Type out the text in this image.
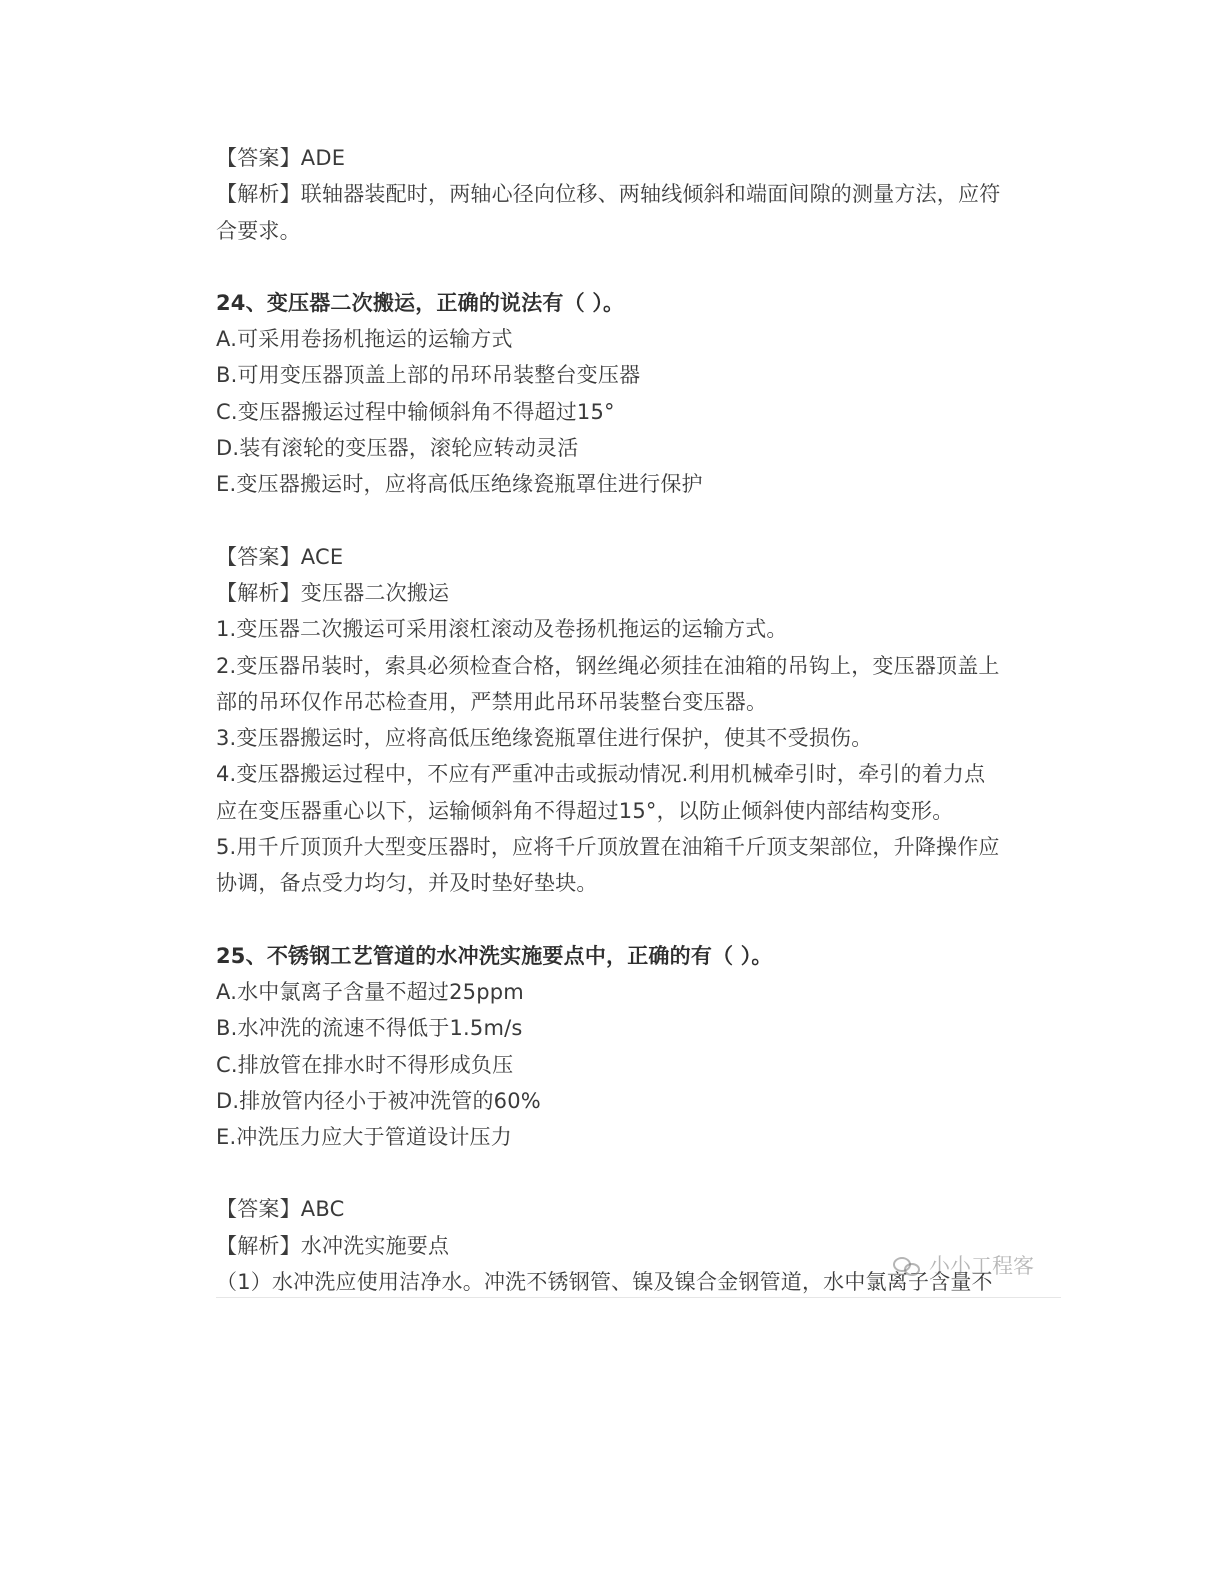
【答案】ADE
【解析】联轴器装配时，两轴心径向位移、两轴线倾斜和端面间隙的测量方法，应符
合要求。
24、变压器二次搬运，正确的说法有（ ）。
A.可采用卷扬机拖运的运输方式
B.可用变压器顶盖上部的吊环吊装整台变压器
C.变压器搬运过程中输倾斜角不得超过15°
D.装有滚轮的变压器，滚轮应转动灵活
E.变压器搬运时，应将高低压绝缘瓷瓶罩住进行保护
【答案】ACE
【解析】变压器二次搬运
1.变压器二次搬运可采用滚杠滚动及卷扬机拖运的运输方式。
2.变压器吊装时，索具必须检查合格，钢丝绳必须挂在油箱的吊钩上，变压器顶盖上
部的吊环仅作吊芯检查用，严禁用此吊环吊装整台变压器。
3.变压器搬运时，应将高低压绝缘瓷瓶罩住进行保护，使其不受损伤。
4.变压器搬运过程中，不应有严重冲击或振动情况.利用机械牵引时，牵引的着力点
应在变压器重心以下，运输倾斜角不得超过15°，以防止倾斜使内部结构变形。
5.用千斤顶顶升大型变压器时，应将千斤顶放置在油箱千斤顶支架部位，升降操作应
协调，备点受力均匀，并及时垫好垫块。
25、不锈钢工艺管道的水冲洗实施要点中，正确的有（ ）。
A.水中氯离子含量不超过25ppm
B.水冲洗的流速不得低于1.5m/s
C.排放管在排水时不得形成负压
D.排放管内径小于被冲洗管的60%
E.冲洗压力应大于管道设计压力
【答案】ABC
【解析】水冲洗实施要点
（1）水冲洗应使用洁净水。冲洗不锈钢管、镍及镍合金钢管道，水中氯离子含量不
小小工程客
